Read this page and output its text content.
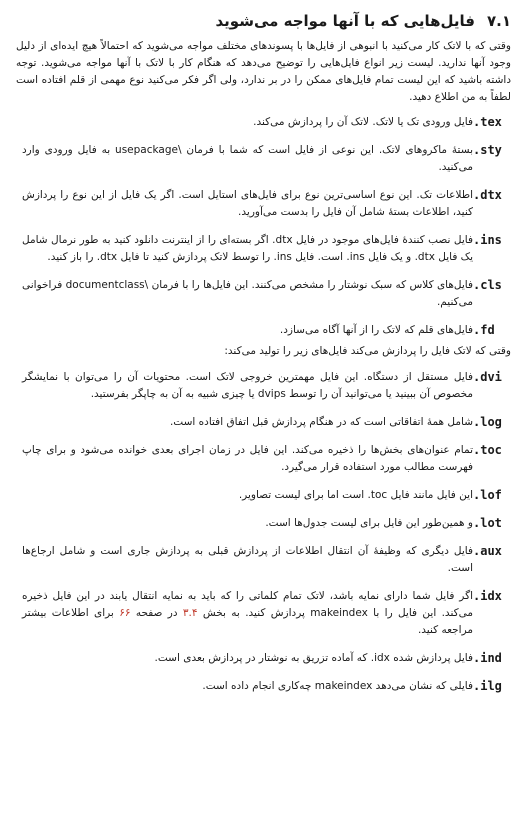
۷.۱
فایل‌هایی که با آنها مواجه می‌شوید

وقتی که با لاتک کار می‌کنید با انبوهی از فایل‌ها با پسوندهای مختلف مواجه می‌شوید که احتمالاً هیچ ایده‌ای از دلیل وجود آنها ندارید. لیست زیر انواع فایل‌هایی را توضیح می‌دهد که هنگام کار با لاتک با آنها مواجه می‌شوید. توجه داشته باشید که این لیست تمام فایل‌های ممکن را در بر ندارد، ولی اگر فکر می‌کنید نوع مهمی از قلم افتاده است لطفاً به من اطلاع دهید.

.tex
فایل ورودی تک یا لاتک. لاتک آن را پردازش می‌کند.
.sty
بستهٔ ماکروهای لاتک. این نوعی از فایل است که شما با فرمان \usepackage به فایل ورودی وارد می‌کنید.
.dtx
اطلاعات تک. این نوع اساسی‌ترین نوع برای فایل‌های استایل است. اگر یک فایل از این نوع را پردازش کنید، اطلاعات بستهٔ شامل آن فایل را بدست می‌آورید.
.ins
فایل نصب کنندهٔ فایل‌های موجود در فایل dtx. اگر بسته‌ای را از اینترنت دانلود کنید به طور نرمال شامل یک فایل dtx. و یک فایل ins. است. فایل ins. را توسط لاتک پردازش کنید تا فایل dtx. را باز کنید.
.cls
فایل‌های کلاس که سبک نوشتار را مشخص می‌کنند. این فایل‌ها را با فرمان \documentclass فراخوانی می‌کنیم.
.fd
فایل‌های قلم که لاتک را از آنها آگاه می‌سازد.

وقتی که لاتک فایل را پردازش می‌کند فایل‌های زیر را تولید می‌کند:

.dvi
فایل مستقل از دستگاه. این فایل مهمترین خروجی لاتک است. محتویات آن را می‌توان با نمایشگر مخصوص آن ببینید یا می‌توانید آن را توسط dvips یا چیزی شبیه به آن به چاپگر بفرستید.
.log
شامل همهٔ اتفاقاتی است که در هنگام پردازش قبل اتفاق افتاده است.
.toc
تمام عنوان‌های بخش‌ها را ذخیره می‌کند. این فایل در زمان اجرای بعدی خوانده می‌شود و برای چاپ فهرست مطالب مورد استفاده قرار می‌گیرد.
.lof
این فایل مانند فایل toc. است اما برای لیست تصاویر.
.lot
و همین‌طور این فایل برای لیست جدول‌ها است.
.aux
فایل دیگری که وظیفهٔ آن انتقال اطلاعات از پردازش قبلی به پردازش جاری است و شامل ارجاع‌ها است.
.idx
اگر فایل شما دارای نمایه باشد، لاتک تمام کلماتی را که باید به نمایه انتقال یابند در این فایل ذخیره می‌کند. این فایل را با makeindex پردازش کنید. به بخش ۳.۴ در صفحه ۶۶ برای اطلاعات بیشتر مراجعه کنید.
.ind
فایل پردازش شده idx. که آماده تزریق به نوشتار در پردازش بعدی است.
.ilg
فایلی که نشان می‌دهد makeindex چه‌کاری انجام داده است.
